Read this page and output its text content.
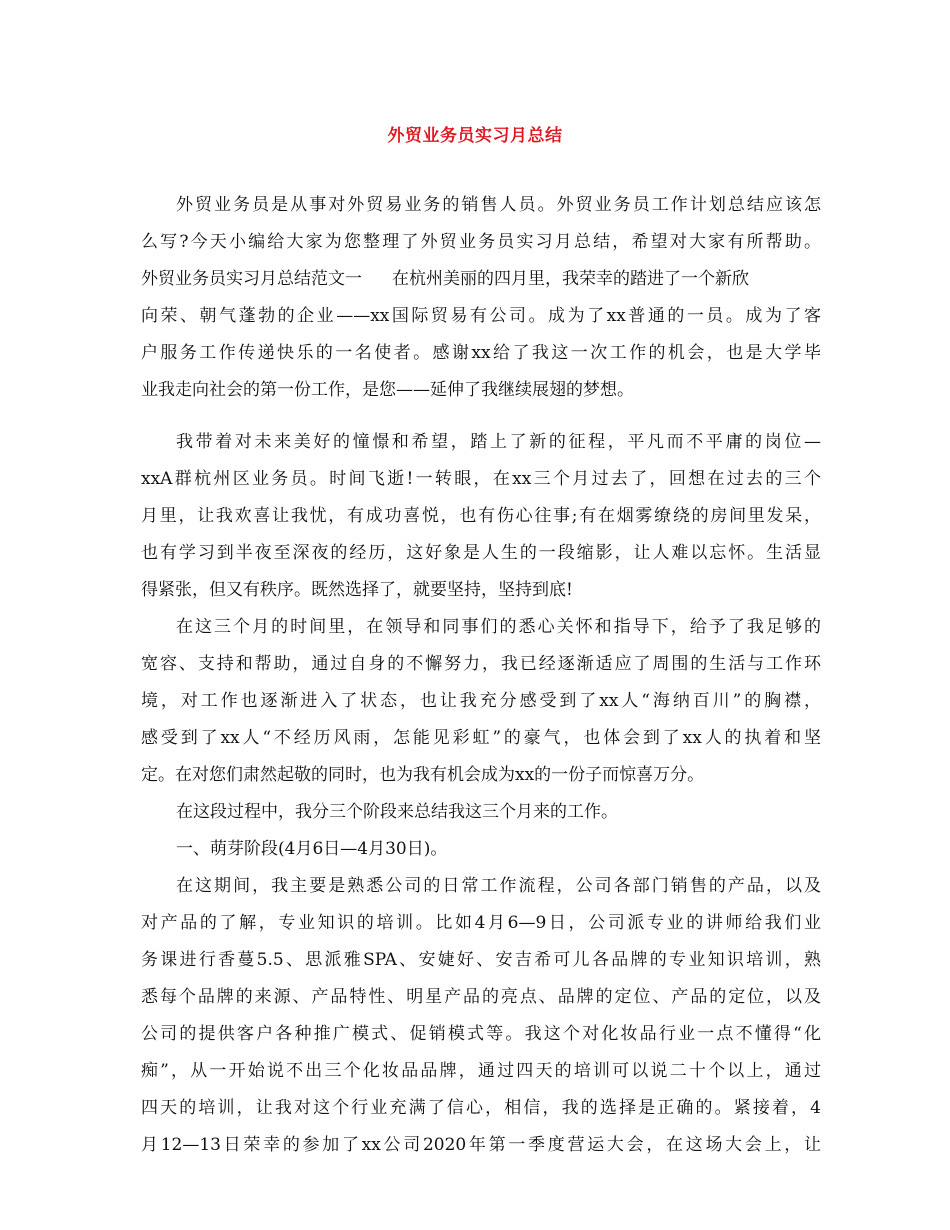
外贸业务员实习月总结
外贸业务员是从事对外贸易业务的销售人员。外贸业务员工作计划总结应该怎
么写?今天小编给大家为您整理了外贸业务员实习月总结，希望对大家有所帮助。
外贸业务员实习月总结范文一 在杭州美丽的四月里，我荣幸的踏进了一个新欣
向荣、朝气蓬勃的企业——xx国际贸易有公司。成为了xx普通的一员。成为了客
户服务工作传递快乐的一名使者。感谢xx给了我这一次工作的机会，也是大学毕
业我走向社会的第一份工作，是您——延伸了我继续展翅的梦想。
我带着对未来美好的憧憬和希望，踏上了新的征程，平凡而不平庸的岗位—
xxA群杭州区业务员。时间飞逝!一转眼，在xx三个月过去了，回想在过去的三个
月里，让我欢喜让我忧，有成功喜悦，也有伤心往事;有在烟雾缭绕的房间里发呆，
也有学习到半夜至深夜的经历，这好象是人生的一段缩影，让人难以忘怀。生活显
得紧张，但又有秩序。既然选择了，就要坚持，坚持到底!
在这三个月的时间里，在领导和同事们的悉心关怀和指导下，给予了我足够的
宽容、支持和帮助，通过自身的不懈努力，我已经逐渐适应了周围的生活与工作环
境，对工作也逐渐进入了状态，也让我充分感受到了xx人“海纳百川”的胸襟，
感受到了xx人“不经历风雨，怎能见彩虹”的豪气，也体会到了xx人的执着和坚
定。在对您们肃然起敬的同时，也为我有机会成为xx的一份子而惊喜万分。
在这段过程中，我分三个阶段来总结我这三个月来的工作。
一、萌芽阶段(4月6日—4月30日)。
在这期间，我主要是熟悉公司的日常工作流程，公司各部门销售的产品，以及
对产品的了解，专业知识的培训。比如4月6—9日，公司派专业的讲师给我们业
务课进行香蔓5.5、思派雅SPA、安婕好、安吉希可儿各品牌的专业知识培训，熟
悉每个品牌的来源、产品特性、明星产品的亮点、品牌的定位、产品的定位，以及
公司的提供客户各种推广模式、促销模式等。我这个对化妆品行业一点不懂得“化
痴”，从一开始说不出三个化妆品品牌，通过四天的培训可以说二十个以上，通过
四天的培训，让我对这个行业充满了信心，相信，我的选择是正确的。紧接着，4
月12—13日荣幸的参加了xx公司2020年第一季度营运大会，在这场大会上，让
